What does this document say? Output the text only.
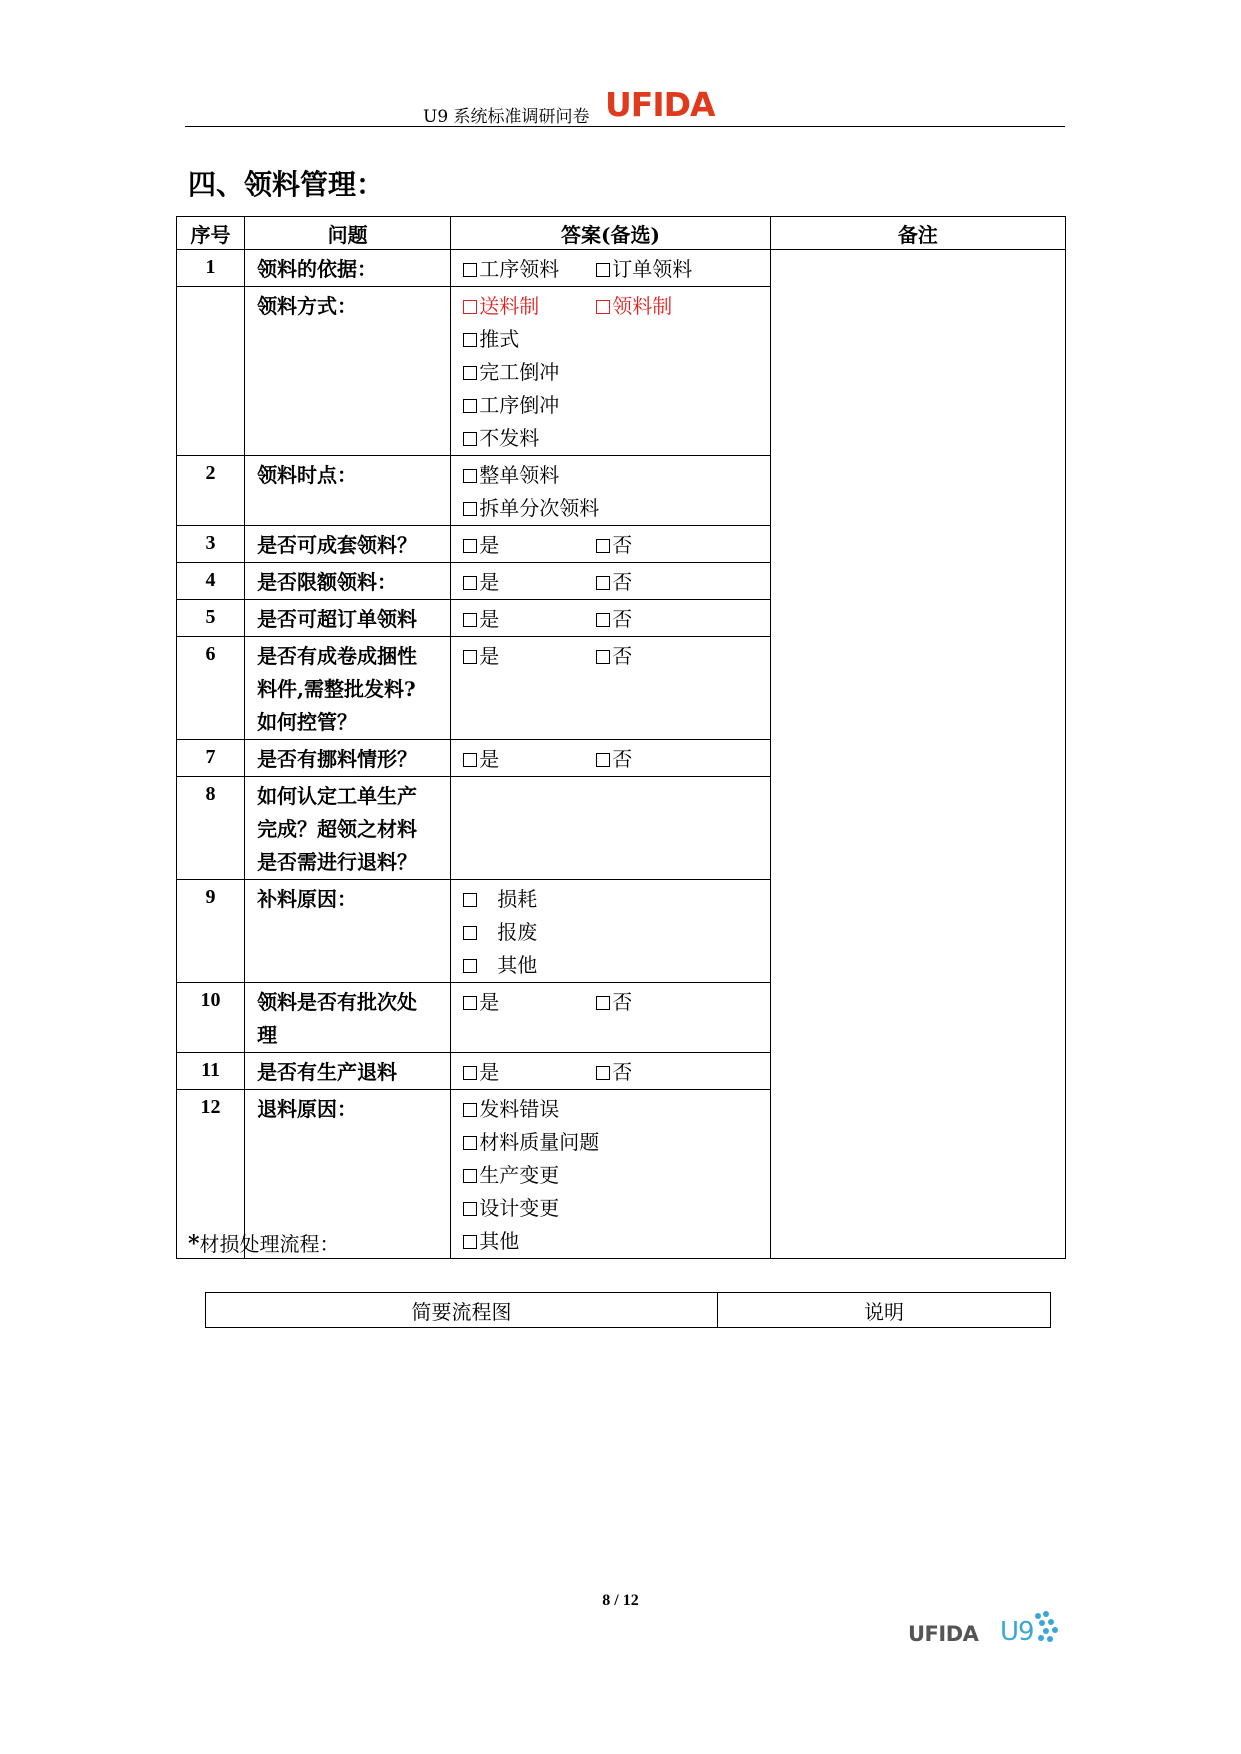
U9 系统标准调研问卷 UFIDA
四、领料管理：
序号	问题	答案(备选)	备注
1	领料的依据：	工序领料 订单领料	
	领料方式：	送料制 领料制
推式
完工倒冲
工序倒冲
不发料	

2	领料时点：	整单领料
拆单分次领料	

3	是否可成套领料？	是 否	
4	是否限额领料：	是 否	
5	是否可超订单领料	是 否	
6	是否有成卷成捆性
料件,需整批发料?
如何控管？	是 否	
7	是否有挪料情形？	是 否	
8	如何认定工单生产
完成？超领之材料
是否需进行退料？		

9	补料原因：	损耗
报废
其他	

10	领料是否有批次处
理	是 否	
11	是否有生产退料	是 否	
12	退料原因：	发料错误
材料质量问题
生产变更
设计变更
其他	
*材损处理流程：
简要流程图	说明
8 / 12
UFIDA U9
